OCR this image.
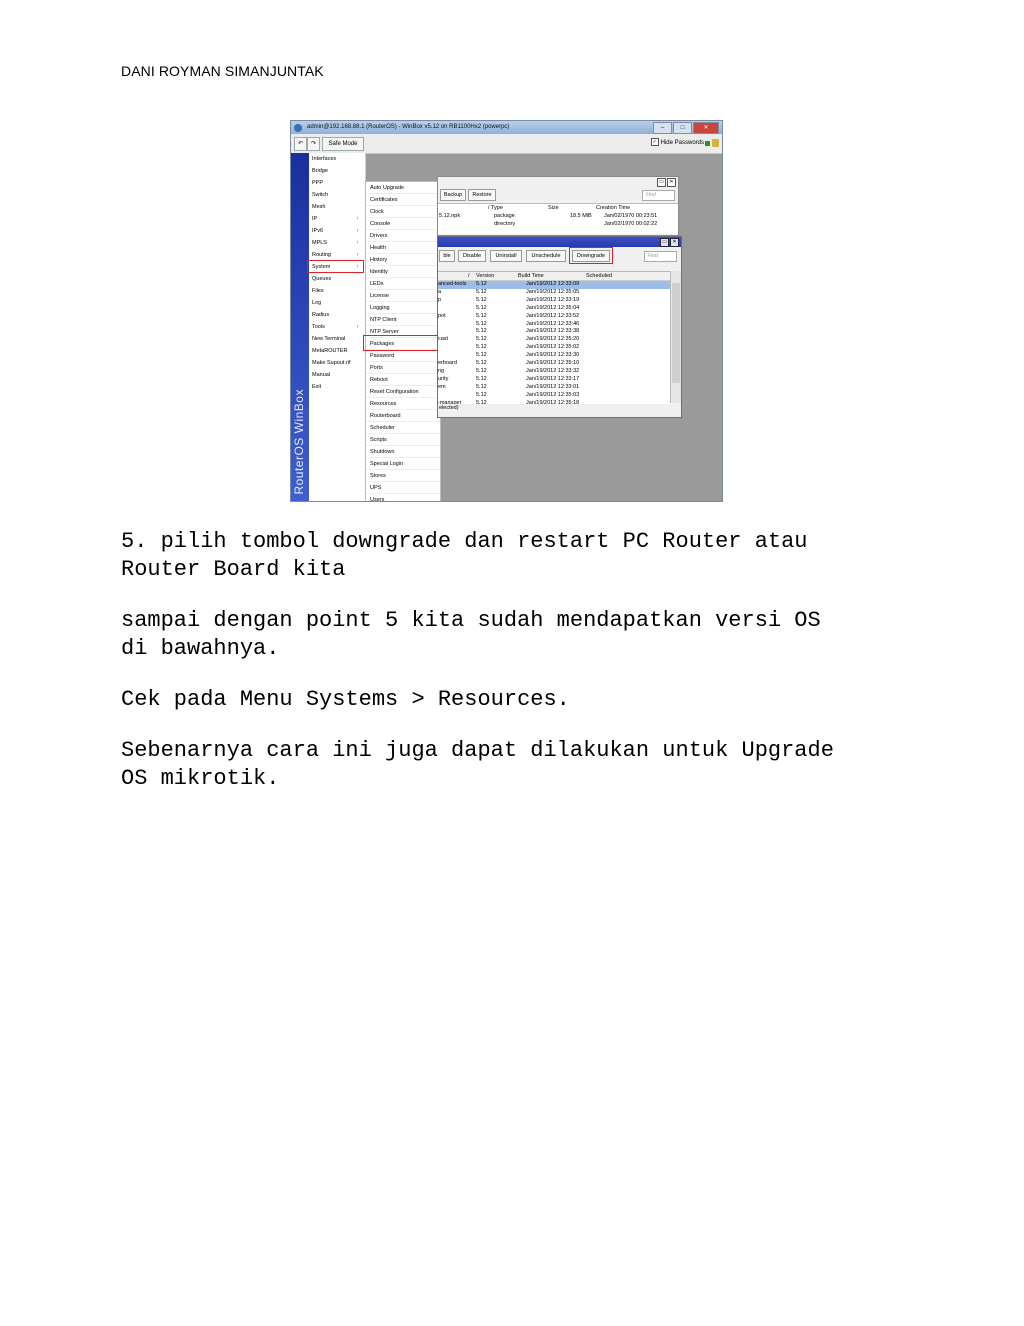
DANI ROYMAN SIMANJUNTAK
admin@192.168.88.1 (RouterOS) - WinBox v5.12 on RB1100Hx2 (powerpc)	–	□	✕
↶	↷	Safe Mode	✓ Hide Passwords
RouterOS WinBox
Interfaces
Bridge
PPP
Switch
Mesh
IP	↑
IPv6	↑
MPLS	↑
Routing	↑
System	↑
Queues
Files
Log
Radius
Tools	↑
New Terminal
MetaROUTER
Make Supout.rif
Manual
Exit
Auto Upgrade
Certificates
Clock
Console
Drivers
Health
History
Identity
LEDs
License
Logging
NTP Client
NTP Server
Packages
Password
Ports
Reboot
Reset Configuration
Resources
Routerboard
Scheduler
Scripts
Shutdown
Special Login
Stores
UPS
Users
▭	✕
Backup	Restore	Find
/ Type	Size	Creation Time
5.12.npk	package	18.5 MiB Jan/02/1970 00:23:51
directory	Jan/02/1970 00:02:22
▭	✕
ble	Disable	Uninstall	Unschedule	Downgrade	Find
/ Version	Build Time	Scheduled
anced-tools 5.12	Jan/19/2012 12:33:09
a	5.12	Jan/19/2012 12:35:05
p	5.12	Jan/19/2012 12:33:19
5.12	Jan/19/2012 12:35:04
pot	5.12	Jan/19/2012 12:33:52
5.12	Jan/19/2012 12:33:46
5.12	Jan/19/2012 12:33:38
cast	5.12	Jan/19/2012 12:35:20
5.12	Jan/19/2012 12:35:02
5.12	Jan/19/2012 12:33:30
erboard	5.12	Jan/19/2012 12:35:10
ng	5.12	Jan/19/2012 12:33:32
urity	5.12	Jan/19/2012 12:33:17
em	5.12	Jan/19/2012 12:33:01
5.12	Jan/19/2012 12:35:03
-manager	5.12	Jan/19/2012 12:35:18
elected)
5. pilih tombol downgrade dan restart PC Router atau
Router Board kita
sampai dengan point 5 kita sudah mendapatkan versi OS
di bawahnya.
Cek pada Menu Systems > Resources.
Sebenarnya cara ini juga dapat dilakukan untuk Upgrade
OS mikrotik.
